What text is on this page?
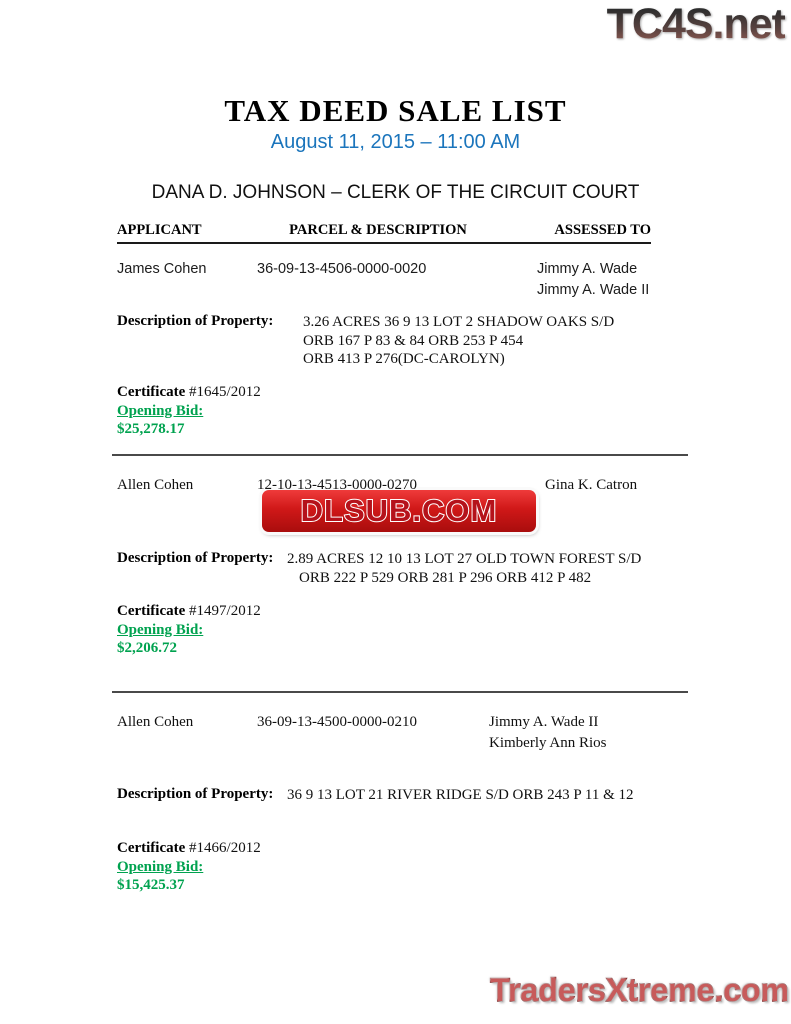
TC4S.net
DLSUB.COM
TradersXtreme.com
TAX DEED SALE LIST
August 11, 2015 – 11:00 AM
DANA D. JOHNSON – CLERK OF THE CIRCUIT COURT
APPLICANT	PARCEL & DESCRIPTION	ASSESSED TO
James Cohen	36-09-13-4506-0000-0020	Jimmy A. Wade
Jimmy A. Wade II
Description of Property: 3.26 ACRES 36 9 13 LOT 2 SHADOW OAKS S/D
ORB 167 P 83 & 84 ORB 253 P 454
ORB 413 P 276(DC-CAROLYN)
Certificate #1645/2012
Opening Bid:
$25,278.17
Allen Cohen	12-10-13-4513-0000-0270	Gina K. Catron
Description of Property: 2.89 ACRES 12 10 13 LOT 27 OLD TOWN FOREST S/D
ORB 222 P 529 ORB 281 P 296 ORB 412 P 482
Certificate #1497/2012
Opening Bid:
$2,206.72
Allen Cohen	36-09-13-4500-0000-0210	Jimmy A. Wade II
Kimberly Ann Rios
Description of Property: 36 9 13 LOT 21 RIVER RIDGE S/D ORB 243 P 11 & 12
Certificate #1466/2012
Opening Bid:
$15,425.37
